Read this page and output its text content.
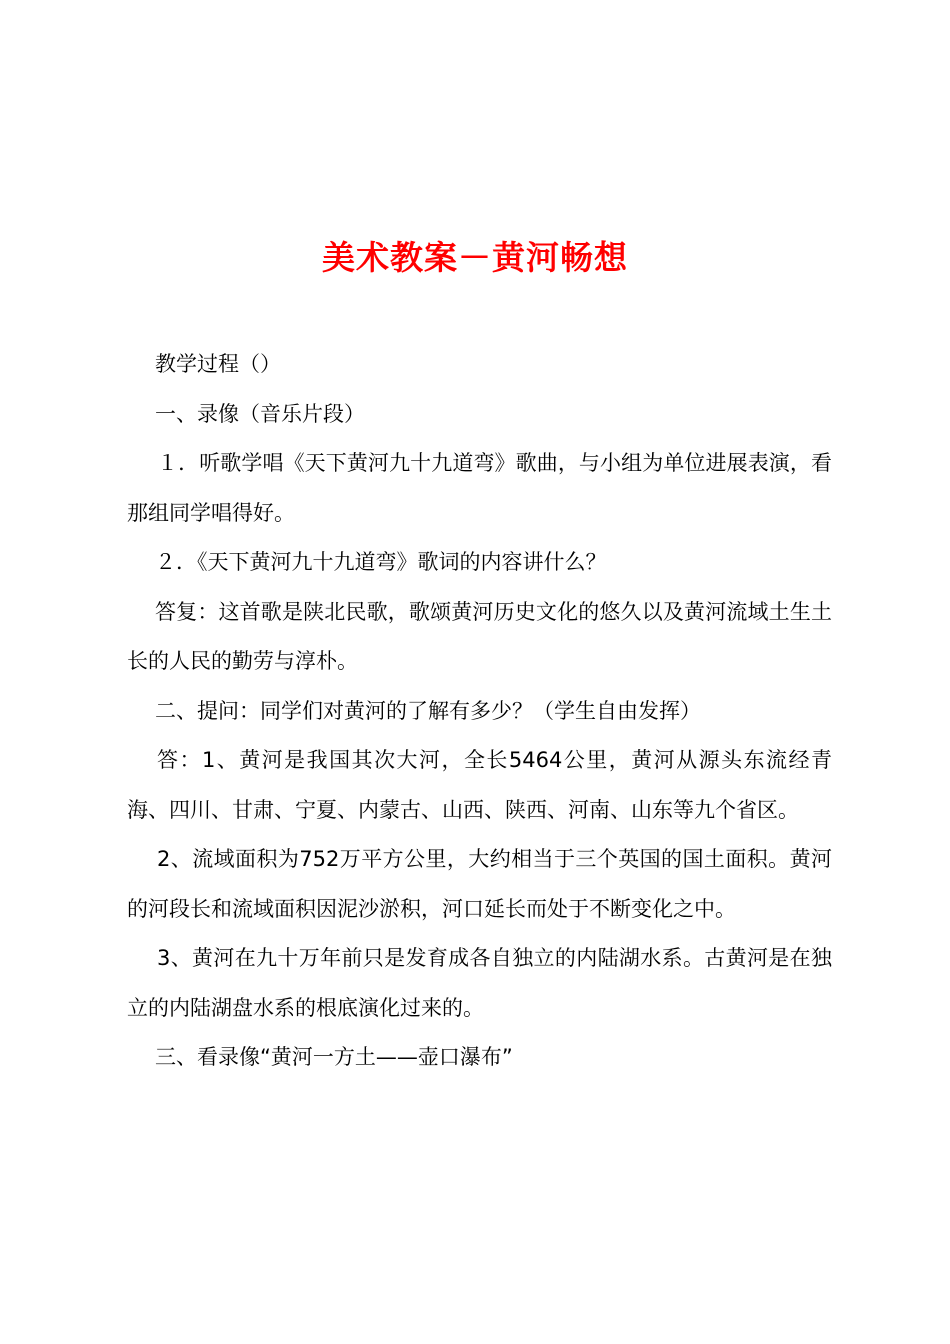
美术教案－黄河畅想

教学过程（）

一、录像（音乐片段）

１．听歌学唱《天下黄河九十九道弯》歌曲，与小组为单位进展表演，看那组同学唱得好。

２．《天下黄河九十九道弯》歌词的内容讲什么？

答复：这首歌是陕北民歌，歌颂黄河历史文化的悠久以及黄河流域土生土长的人民的勤劳与淳朴。

二、提问：同学们对黄河的了解有多少？（学生自由发挥）

答：1、黄河是我国其次大河，全长5464公里，黄河从源头东流经青海、四川、甘肃、宁夏、内蒙古、山西、陕西、河南、山东等九个省区。

2、流域面积为752万平方公里，大约相当于三个英国的国土面积。黄河的河段长和流域面积因泥沙淤积，河口延长而处于不断变化之中。

3、黄河在九十万年前只是发育成各自独立的内陆湖水系。古黄河是在独立的内陆湖盘水系的根底演化过来的。

三、看录像“黄河一方土——壶口瀑布”
